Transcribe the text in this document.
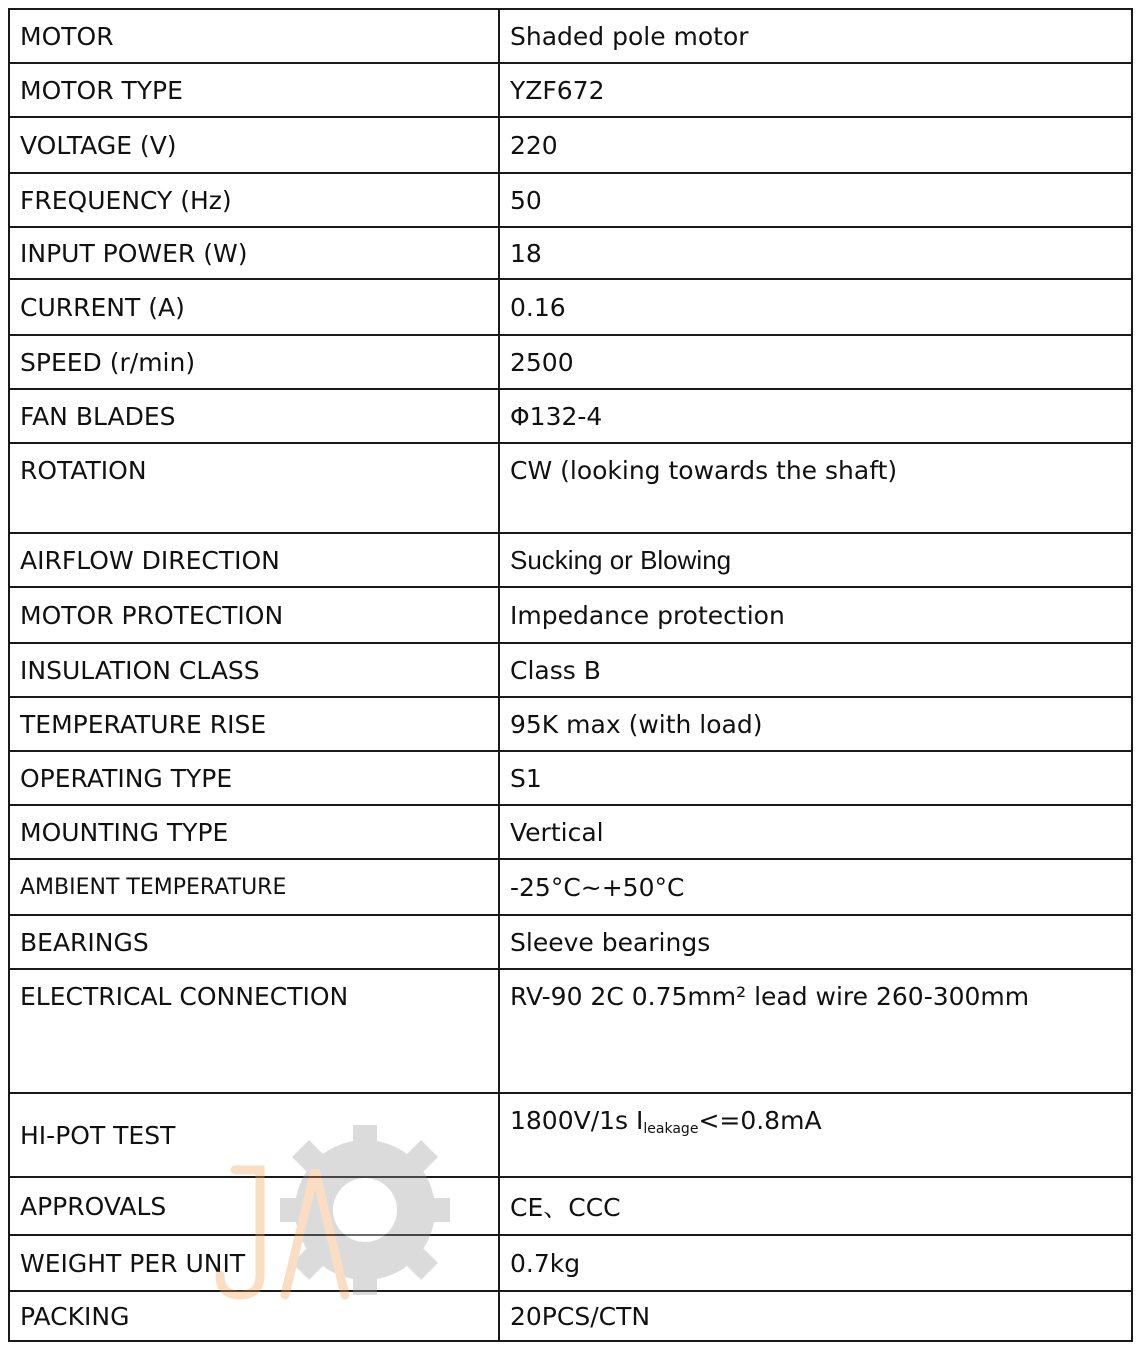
MOTOR	Shaded pole motor
MOTOR TYPE	YZF672
VOLTAGE (V)	220
FREQUENCY (Hz)	50
INPUT POWER (W)	18
CURRENT (A)	0.16
SPEED (r/min)	2500
FAN BLADES	Φ132-4
ROTATION	CW (looking towards the shaft)
AIRFLOW DIRECTION	Sucking or Blowing
MOTOR PROTECTION	Impedance protection
INSULATION CLASS	Class B
TEMPERATURE RISE	95K max (with load)
OPERATING TYPE	S1
MOUNTING TYPE	Vertical
AMBIENT TEMPERATURE	-25°C~+50°C
BEARINGS	Sleeve bearings
ELECTRICAL CONNECTION	RV-90 2C 0.75mm² lead wire 260-300mm
HI-POT TEST	1800V/1s Ileakage<=0.8mA
APPROVALS	CE、CCC
WEIGHT PER UNIT	0.7kg
PACKING	20PCS/CTN
